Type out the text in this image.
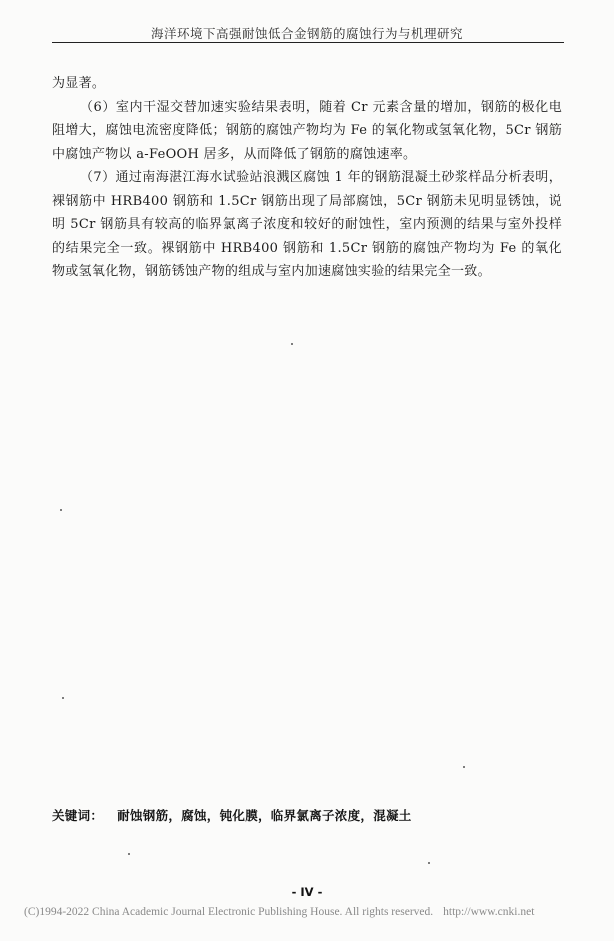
海洋环境下高强耐蚀低合金钢筋的腐蚀行为与机理研究

为显著。

（6）室内干湿交替加速实验结果表明，随着 Cr 元素含量的增加，钢筋的极化电阻增大，腐蚀电流密度降低；钢筋的腐蚀产物均为 Fe 的氧化物或氢氧化物，5Cr 钢筋中腐蚀产物以 a-FeOOH 居多，从而降低了钢筋的腐蚀速率。

（7）通过南海湛江海水试验站浪溅区腐蚀 1 年的钢筋混凝土砂浆样品分析表明，裸钢筋中 HRB400 钢筋和 1.5Cr 钢筋出现了局部腐蚀，5Cr 钢筋未见明显锈蚀，说明 5Cr 钢筋具有较高的临界氯离子浓度和较好的耐蚀性，室内预测的结果与室外投样的结果完全一致。裸钢筋中 HRB400 钢筋和 1.5Cr 钢筋的腐蚀产物均为 Fe 的氧化物或氢氧化物，钢筋锈蚀产物的组成与室内加速腐蚀实验的结果完全一致。

关键词： 耐蚀钢筋，腐蚀，钝化膜，临界氯离子浓度，混凝土
- IV -
(C)1994-2022 China Academic Journal Electronic Publishing House. All rights reserved. http://www.cnki.net
